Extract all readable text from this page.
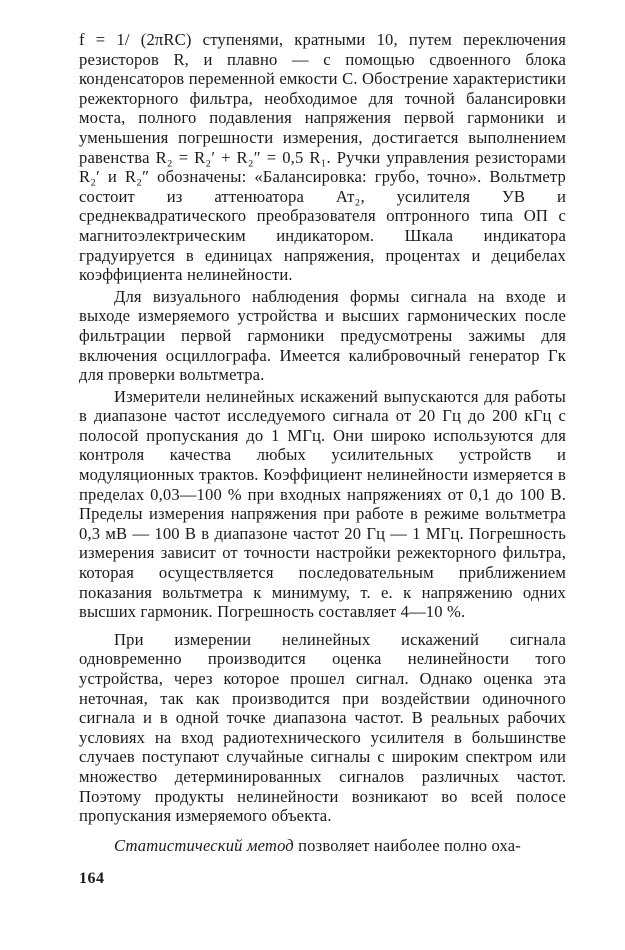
f = 1/ (2πRC) ступенями, кратными 10, путем переключения резисторов R, и плавно — с помощью сдвоенного блока конденсаторов переменной емкости C. Обострение характеристики режекторного фильтра, необходимое для точной балансировки моста, полного подавления напряжения первой гармоники и уменьшения погрешности измерения, достигается выполнением равенства R₂ = R₂′ + R₂″ = 0,5 R₁. Ручки управления резисторами R₂′ и R₂″ обозначены: «Балансировка: грубо, точно». Вольтметр состоит из аттенюатора Ат₂, усилителя УВ и среднеквадратического преобразователя оптронного типа ОП с магнитоэлектрическим индикатором. Шкала индикатора градуируется в единицах напряжения, процентах и децибелах коэффициента нелинейности.

Для визуального наблюдения формы сигнала на входе и выходе измеряемого устройства и высших гармонических после фильтрации первой гармоники предусмотрены зажимы для включения осциллографа. Имеется калибровочный генератор Гк для проверки вольтметра.

Измерители нелинейных искажений выпускаются для работы в диапазоне частот исследуемого сигнала от 20 Гц до 200 кГц с полосой пропускания до 1 МГц. Они широко используются для контроля качества любых усилительных устройств и модуляционных трактов. Коэффициент нелинейности измеряется в пределах 0,03—100 % при входных напряжениях от 0,1 до 100 В. Пределы измерения напряжения при работе в режиме вольтметра 0,3 мВ — 100 В в диапазоне частот 20 Гц — 1 МГц. Погрешность измерения зависит от точности настройки режекторного фильтра, которая осуществляется последовательным приближением показания вольтметра к минимуму, т. е. к напряжению одних высших гармоник. Погрешность составляет 4—10 %.

При измерении нелинейных искажений сигнала одновременно производится оценка нелинейности того устройства, через которое прошел сигнал. Однако оценка эта неточная, так как производится при воздействии одиночного сигнала и в одной точке диапазона частот. В реальных рабочих условиях на вход радиотехнического усилителя в большинстве случаев поступают случайные сигналы с широким спектром или множество детерминированных сигналов различных частот. Поэтому продукты нелинейности возникают во всей полосе пропускания измеряемого объекта.

Статистический метод позволяет наиболее полно оха-

164
